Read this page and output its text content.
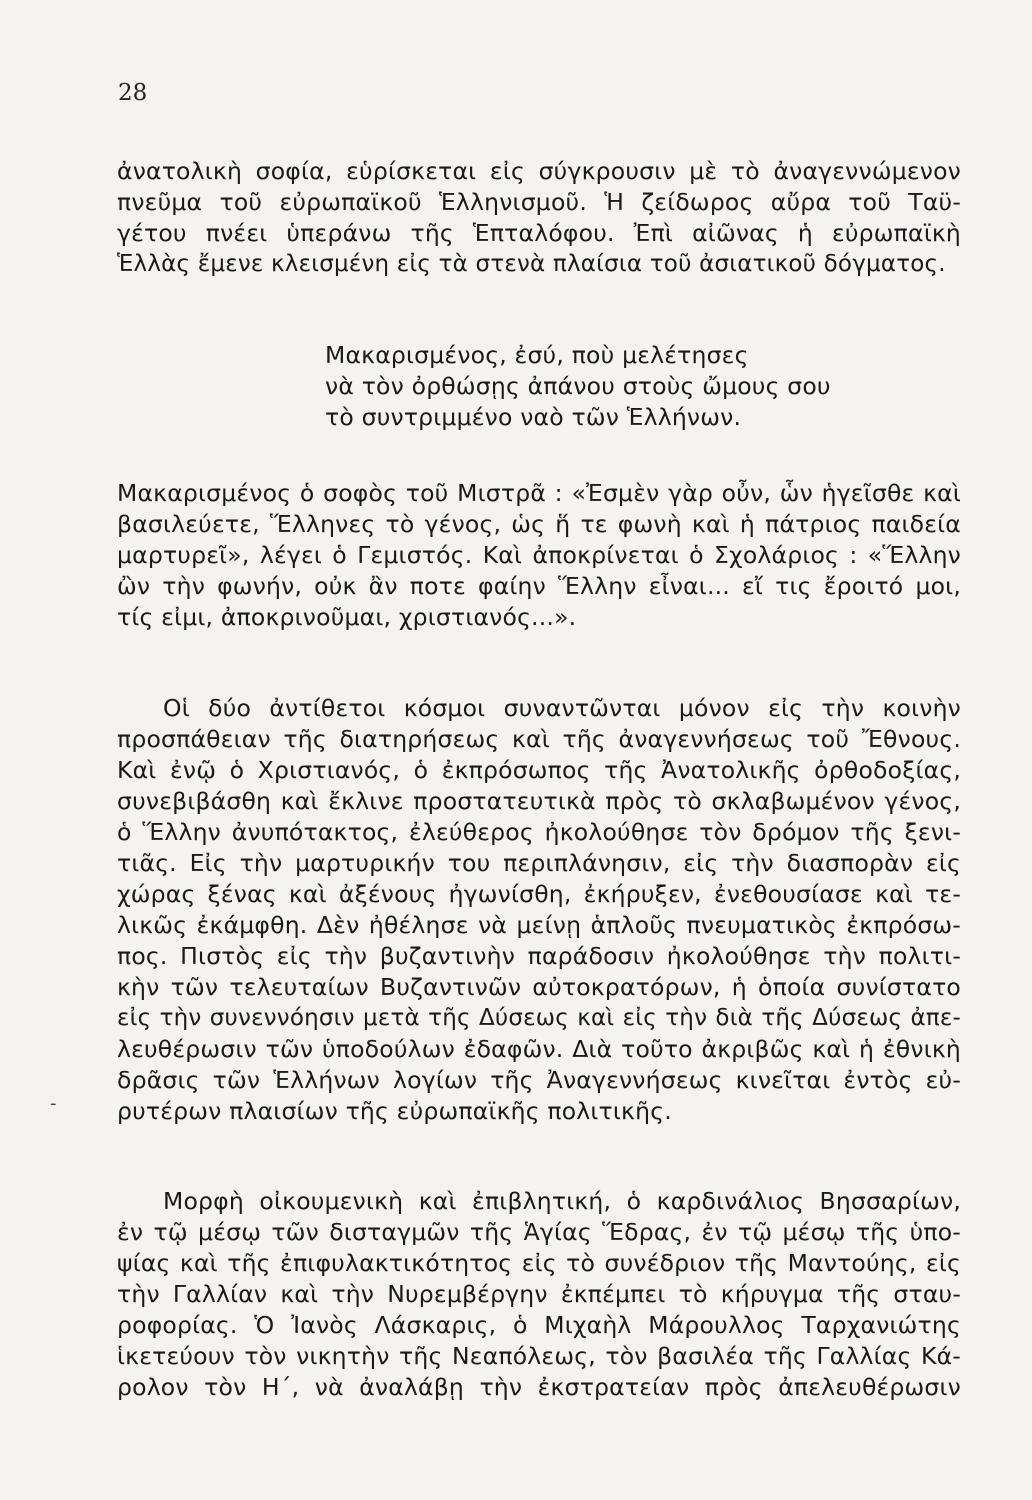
28
ἀνατολικὴ σοφία, εὑρίσκεται εἰς σύγκρουσιν μὲ τὸ ἀναγεννώμενον
πνεῦμα τοῦ εὐρωπαϊκοῦ Ἑλληνισμοῦ. Ἡ ζείδωρος αὔρα τοῦ Ταϋ-
γέτου πνέει ὑπεράνω τῆς Ἑπταλόφου. Ἐπὶ αἰῶνας ἡ εὐρωπαϊκὴ
Ἑλλὰς ἔμενε κλεισμένη εἰς τὰ στενὰ πλαίσια τοῦ ἀσιατικοῦ δόγματος.
Μακαρισμένος, ἐσύ, ποὺ μελέτησες
νὰ τὸν ὀρθώσῃς ἀπάνου στοὺς ὤμους σου
τὸ συντριμμένο ναὸ τῶν Ἑλλήνων.
Μακαρισμένος ὁ σοφὸς τοῦ Μιστρᾶ : «Ἐσμὲν γὰρ οὖν, ὧν ἡγεῖσθε καὶ
βασιλεύετε, Ἕλληνες τὸ γένος, ὡς ἥ τε φωνὴ καὶ ἡ πάτριος παιδεία
μαρτυρεῖ», λέγει ὁ Γεμιστός. Καὶ ἀποκρίνεται ὁ Σχολάριος : «Ἕλλην
ὢν τὴν φωνήν, οὐκ ἂν ποτε φαίην Ἕλλην εἶναι... εἴ τις ἔροιτό μοι,
τίς εἰμι, ἀποκρινοῦμαι, χριστιανός...».
Οἱ δύο ἀντίθετοι κόσμοι συναντῶνται μόνον εἰς τὴν κοινὴν
προσπάθειαν τῆς διατηρήσεως καὶ τῆς ἀναγεννήσεως τοῦ Ἔθνους.
Καὶ ἐνῷ ὁ Χριστιανός, ὁ ἐκπρόσωπος τῆς Ἀνατολικῆς ὀρθοδοξίας,
συνεβιβάσθη καὶ ἔκλινε προστατευτικὰ πρὸς τὸ σκλαβωμένον γένος,
ὁ Ἕλλην ἀνυπότακτος, ἐλεύθερος ἠκολούθησε τὸν δρόμον τῆς ξενι-
τιᾶς. Εἰς τὴν μαρτυρικήν του περιπλάνησιν, εἰς τὴν διασπορὰν εἰς
χώρας ξένας καὶ ἀξένους ἠγωνίσθη, ἐκήρυξεν, ἐνεθουσίασε καὶ τε-
λικῶς ἐκάμφθη. Δὲν ἠθέλησε νὰ μείνῃ ἁπλοῦς πνευματικὸς ἐκπρόσω-
πος. Πιστὸς εἰς τὴν βυζαντινὴν παράδοσιν ἠκολούθησε τὴν πολιτι-
κὴν τῶν τελευταίων Βυζαντινῶν αὐτοκρατόρων, ἡ ὁποία συνίστατο
εἰς τὴν συνεννόησιν μετὰ τῆς Δύσεως καὶ εἰς τὴν διὰ τῆς Δύσεως ἀπε-
λευθέρωσιν τῶν ὑποδούλων ἐδαφῶν. Διὰ τοῦτο ἀκριβῶς καὶ ἡ ἐθνικὴ
δρᾶσις τῶν Ἑλλήνων λογίων τῆς Ἀναγεννήσεως κινεῖται ἐντὸς εὐ-
ρυτέρων πλαισίων τῆς εὐρωπαϊκῆς πολιτικῆς.
Μορφὴ οἰκουμενικὴ καὶ ἐπιβλητική, ὁ καρδινάλιος Βησσαρίων,
ἐν τῷ μέσῳ τῶν δισταγμῶν τῆς Ἁγίας Ἕδρας, ἐν τῷ μέσῳ τῆς ὑπο-
ψίας καὶ τῆς ἐπιφυλακτικότητος εἰς τὸ συνέδριον τῆς Μαντούης, εἰς
τὴν Γαλλίαν καὶ τὴν Νυρεμβέργην ἐκπέμπει τὸ κήρυγμα τῆς σταυ-
ροφορίας. Ὁ Ἰανὸς Λάσκαρις, ὁ Μιχαὴλ Μάρουλλος Ταρχανιώτης
ἱκετεύουν τὸν νικητὴν τῆς Νεαπόλεως, τὸν βασιλέα τῆς Γαλλίας Κά-
ρολον τὸν Η΄, νὰ ἀναλάβῃ τὴν ἐκστρατείαν πρὸς ἀπελευθέρωσιν
-
